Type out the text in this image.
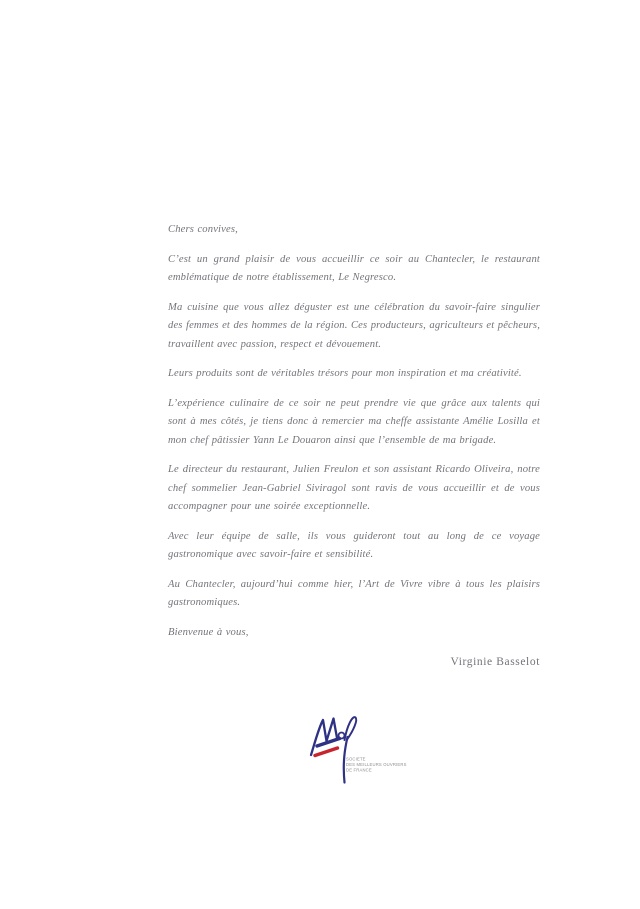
Chers convives,

C’est un grand plaisir de vous accueillir ce soir au Chantecler, le restaurant emblématique de notre établissement, Le Negresco.

Ma cuisine que vous allez déguster est une célébration du savoir-faire singulier des femmes et des hommes de la région. Ces producteurs, agriculteurs et pêcheurs, travaillent avec passion, respect et dévouement.

Leurs produits sont de véritables trésors pour mon inspiration et ma créativité.

L’expérience culinaire de ce soir ne peut prendre vie que grâce aux talents qui sont à mes côtés, je tiens donc à remercier ma cheffe assistante Amélie Losilla et mon chef pâtissier Yann Le Douaron ainsi que l’ensemble de ma brigade.

Le directeur du restaurant, Julien Freulon et son assistant Ricardo Oliveira, notre chef sommelier Jean-Gabriel Siviragol sont ravis de vous accueillir et de vous accompagner pour une soirée exceptionnelle.

Avec leur équipe de salle, ils vous guideront tout au long de ce voyage gastronomique avec savoir-faire et sensibilité.

Au Chantecler, aujourd’hui comme hier, l’Art de Vivre vibre à tous les plaisirs gastronomiques.

Bienvenue à vous,

Virginie Basselot

SOCIÉTÉ
DES MEILLEURS OUVRIERS
DE FRANCE
